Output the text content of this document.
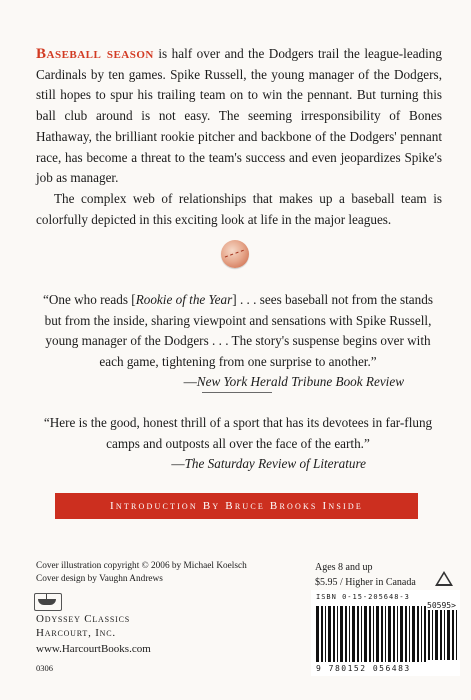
Baseball season is half over and the Dodgers trail the league-leading Cardinals by ten games. Spike Russell, the young manager of the Dodgers, still hopes to spur his trailing team on to win the pennant. But turning this ball club around is not easy. The seeming irresponsibility of Bones Hathaway, the brilliant rookie pitcher and backbone of the Dodgers' pennant race, has become a threat to the team's success and even jeopardizes Spike's job as manager.

The complex web of relationships that makes up a baseball team is colorfully depicted in this exciting look at life in the major leagues.

“One who reads [Rookie of the Year] . . . sees baseball not from the stands but from the inside, sharing viewpoint and sensations with Spike Russell, young manager of the Dodgers . . . The story's suspense begins over with each game, tightening from one surprise to another.”
—New York Herald Tribune Book Review
“Here is the good, honest thrill of a sport that has its devotees in far-flung camps and outposts all over the face of the earth.”
—The Saturday Review of Literature
Introduction By Bruce Brooks Inside
Cover illustration copyright © 2006 by Michael Koelsch
Cover design by Vaughn Andrews
Odyssey Classics
Harcourt, Inc.
www.HarcourtBooks.com
0306
Ages 8 and up
$5.95 / Higher in Canada
ISBN 0-15-205648-3
50595>
9 780152 056483
